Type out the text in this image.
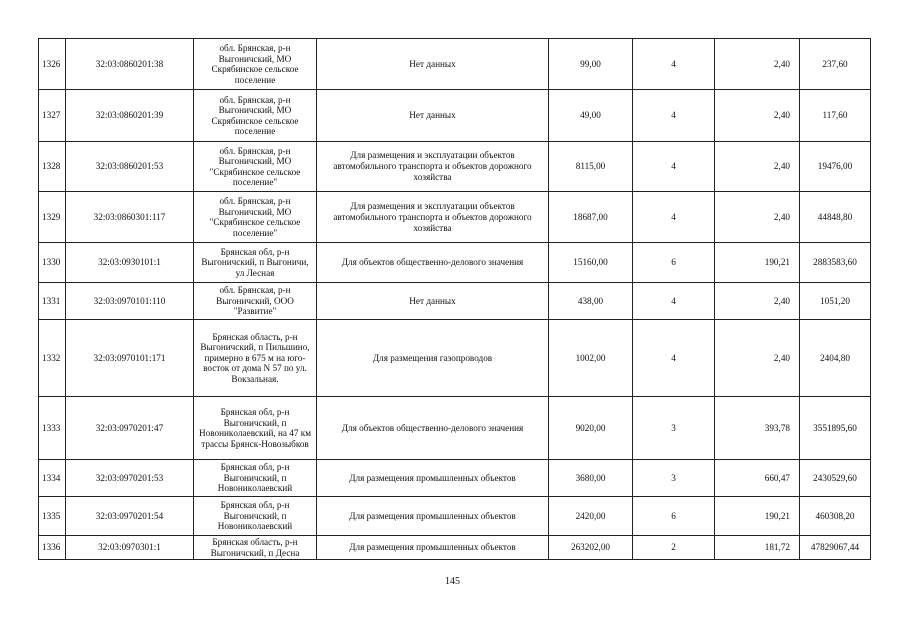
1326	32:03:0860201:38	обл. Брянская, р-н Выгоничский, МО Скрябинское сельское поселение	Нет данных	99,00	4	2,40	237,60
1327	32:03:0860201:39	обл. Брянская, р-н Выгоничский, МО Скрябинское сельское поселение	Нет данных	49,00	4	2,40	117,60
1328	32:03:0860201:53	обл. Брянская, р-н Выгоничский, МО "Скрябинское сельское поселение"	Для размещения и эксплуатации объектов автомобильного транспорта и объектов дорожного хозяйства	8115,00	4	2,40	19476,00
1329	32:03:0860301:117	обл. Брянская, р-н Выгоничский, МО "Скрябинское сельское поселение"	Для размещения и эксплуатации объектов автомобильного транспорта и объектов дорожного хозяйства	18687,00	4	2,40	44848,80
1330	32:03:0930101:1	Брянская обл, р-н Выгоничский, п Выгоничи, ул Лесная	Для объектов общественно-делового значения	15160,00	6	190,21	2883583,60
1331	32:03:0970101:110	обл. Брянская, р-н Выгоничский, ООО "Развитие"	Нет данных	438,00	4	2,40	1051,20
1332	32:03:0970101:171	Брянская область, р-н Выгоничский, п Пильшино, примерно в 675 м на юго-восток от дома N 57 по ул. Вокзальная.	Для размещения газопроводов	1002,00	4	2,40	2404,80
1333	32:03:0970201:47	Брянская обл, р-н Выгоничский, п Новоникoлаевский, на 47 км трассы Брянск-Новозыбков	Для объектов общественно-делового значения	9020,00	3	393,78	3551895,60
1334	32:03:0970201:53	Брянская обл, р-н Выгоничский, п Новоникoлаевский	Для размещения промышленных объектов	3680,00	3	660,47	2430529,60
1335	32:03:0970201:54	Брянская обл, р-н Выгоничский, п Новоникoлаевский	Для размещения промышленных объектов	2420,00	6	190,21	460308,20
1336	32:03:0970301:1	Брянская область, р-н Выгоничский, п Десна	Для размещения промышленных объектов	263202,00	2	181,72	47829067,44
145
